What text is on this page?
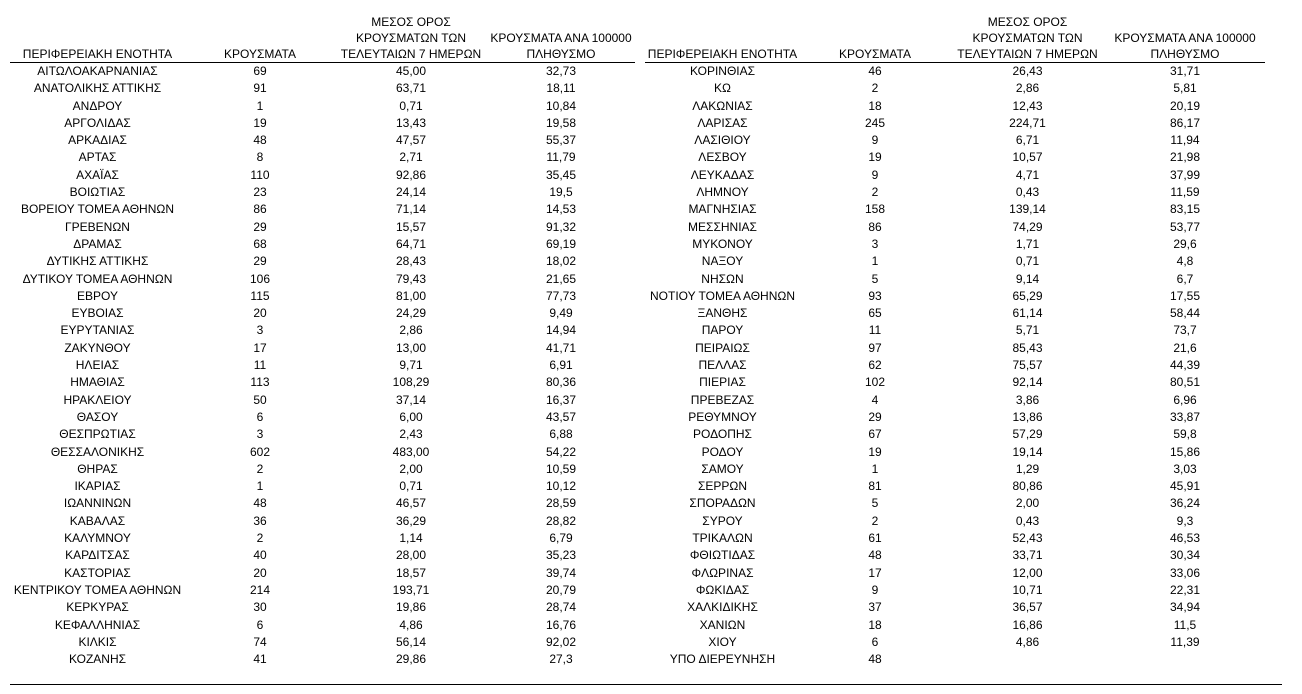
ΠΕΡΙΦΕΡΕΙΑΚΗ ΕΝΟΤΗΤΑ	ΚΡΟΥΣΜΑΤΑ	ΜΕΣΟΣ ΟΡΟΣ
ΚΡΟΥΣΜΑΤΩΝ ΤΩΝ
ΤΕΛΕΥΤΑΙΩΝ 7 ΗΜΕΡΩΝ	ΚΡΟΥΣΜΑΤΑ ΑΝΑ 100000
ΠΛΗΘΥΣΜΟ

ΑΙΤΩΛΟΑΚΑΡΝΑΝΙΑΣ	69	45,00	32,73
ΑΝΑΤΟΛΙΚΗΣ ΑΤΤΙΚΗΣ	91	63,71	18,11
ΑΝΔΡΟΥ	1	0,71	10,84
ΑΡΓΟΛΙΔΑΣ	19	13,43	19,58
ΑΡΚΑΔΙΑΣ	48	47,57	55,37
ΑΡΤΑΣ	8	2,71	11,79
ΑΧΑΪΑΣ	110	92,86	35,45
ΒΟΙΩΤΙΑΣ	23	24,14	19,5
ΒΟΡΕΙΟΥ ΤΟΜΕΑ ΑΘΗΝΩΝ	86	71,14	14,53
ΓΡΕΒΕΝΩΝ	29	15,57	91,32
ΔΡΑΜΑΣ	68	64,71	69,19
ΔΥΤΙΚΗΣ ΑΤΤΙΚΗΣ	29	28,43	18,02
ΔΥΤΙΚΟΥ ΤΟΜΕΑ ΑΘΗΝΩΝ	106	79,43	21,65
ΕΒΡΟΥ	115	81,00	77,73
ΕΥΒΟΙΑΣ	20	24,29	9,49
ΕΥΡΥΤΑΝΙΑΣ	3	2,86	14,94
ΖΑΚΥΝΘΟΥ	17	13,00	41,71
ΗΛΕΙΑΣ	11	9,71	6,91
ΗΜΑΘΙΑΣ	113	108,29	80,36
ΗΡΑΚΛΕΙΟΥ	50	37,14	16,37
ΘΑΣΟΥ	6	6,00	43,57
ΘΕΣΠΡΩΤΙΑΣ	3	2,43	6,88
ΘΕΣΣΑΛΟΝΙΚΗΣ	602	483,00	54,22
ΘΗΡΑΣ	2	2,00	10,59
ΙΚΑΡΙΑΣ	1	0,71	10,12
ΙΩΑΝΝΙΝΩΝ	48	46,57	28,59
ΚΑΒΑΛΑΣ	36	36,29	28,82
ΚΑΛΥΜΝΟΥ	2	1,14	6,79
ΚΑΡΔΙΤΣΑΣ	40	28,00	35,23
ΚΑΣΤΟΡΙΑΣ	20	18,57	39,74
ΚΕΝΤΡΙΚΟΥ ΤΟΜΕΑ ΑΘΗΝΩΝ	214	193,71	20,79
ΚΕΡΚΥΡΑΣ	30	19,86	28,74
ΚΕΦΑΛΛΗΝΙΑΣ	6	4,86	16,76
ΚΙΛΚΙΣ	74	56,14	92,02
ΚΟΖΑΝΗΣ	41	29,86	27,3
ΠΕΡΙΦΕΡΕΙΑΚΗ ΕΝΟΤΗΤΑ	ΚΡΟΥΣΜΑΤΑ	ΜΕΣΟΣ ΟΡΟΣ
ΚΡΟΥΣΜΑΤΩΝ ΤΩΝ
ΤΕΛΕΥΤΑΙΩΝ 7 ΗΜΕΡΩΝ	ΚΡΟΥΣΜΑΤΑ ΑΝΑ 100000
ΠΛΗΘΥΣΜΟ

ΚΟΡΙΝΘΙΑΣ	46	26,43	31,71
ΚΩ	2	2,86	5,81
ΛΑΚΩΝΙΑΣ	18	12,43	20,19
ΛΑΡΙΣΑΣ	245	224,71	86,17
ΛΑΣΙΘΙΟΥ	9	6,71	11,94
ΛΕΣΒΟΥ	19	10,57	21,98
ΛΕΥΚΑΔΑΣ	9	4,71	37,99
ΛΗΜΝΟΥ	2	0,43	11,59
ΜΑΓΝΗΣΙΑΣ	158	139,14	83,15
ΜΕΣΣΗΝΙΑΣ	86	74,29	53,77
ΜΥΚΟΝΟΥ	3	1,71	29,6
ΝΑΞΟΥ	1	0,71	4,8
ΝΗΣΩΝ	5	9,14	6,7
ΝΟΤΙΟΥ ΤΟΜΕΑ ΑΘΗΝΩΝ	93	65,29	17,55
ΞΑΝΘΗΣ	65	61,14	58,44
ΠΑΡΟΥ	11	5,71	73,7
ΠΕΙΡΑΙΩΣ	97	85,43	21,6
ΠΕΛΛΑΣ	62	75,57	44,39
ΠΙΕΡΙΑΣ	102	92,14	80,51
ΠΡΕΒΕΖΑΣ	4	3,86	6,96
ΡΕΘΥΜΝΟΥ	29	13,86	33,87
ΡΟΔΟΠΗΣ	67	57,29	59,8
ΡΟΔΟΥ	19	19,14	15,86
ΣΑΜΟΥ	1	1,29	3,03
ΣΕΡΡΩΝ	81	80,86	45,91
ΣΠΟΡΑΔΩΝ	5	2,00	36,24
ΣΥΡΟΥ	2	0,43	9,3
ΤΡΙΚΑΛΩΝ	61	52,43	46,53
ΦΘΙΩΤΙΔΑΣ	48	33,71	30,34
ΦΛΩΡΙΝΑΣ	17	12,00	33,06
ΦΩΚΙΔΑΣ	9	10,71	22,31
ΧΑΛΚΙΔΙΚΗΣ	37	36,57	34,94
ΧΑΝΙΩΝ	18	16,86	11,5
ΧΙΟΥ	6	4,86	11,39
ΥΠΟ ΔΙΕΡΕΥΝΗΣΗ	48		
